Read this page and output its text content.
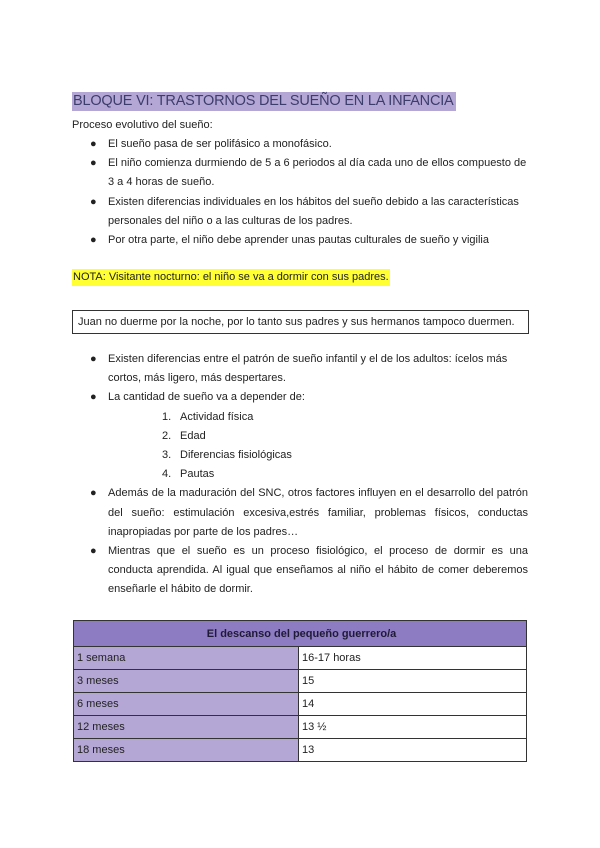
BLOQUE VI: TRASTORNOS DEL SUEÑO EN LA INFANCIA
Proceso evolutivo del sueño:
● El sueño pasa de ser polifásico a monofásico.
● El niño comienza durmiendo de 5 a 6 periodos al día cada uno de ellos compuesto de 3 a 4 horas de sueño.
● Existen diferencias individuales en los hábitos del sueño debido a las características personales del niño o a las culturas de los padres.
● Por otra parte, el niño debe aprender unas pautas culturales de sueño y vigilia
NOTA: Visitante nocturno: el niño se va a dormir con sus padres.
Juan no duerme por la noche, por lo tanto sus padres y sus hermanos tampoco duermen.
● Existen diferencias entre el patrón de sueño infantil y el de los adultos: ícelos más cortos, más ligero, más despertares.
● La cantidad de sueño va a depender de:
1. Actividad física
2. Edad
3. Diferencias fisiológicas
4. Pautas
● Además de la maduración del SNC, otros factores influyen en el desarrollo del patrón del sueño: estimulación excesiva,estrés familiar, problemas físicos, conductas inapropiadas por parte de los padres…
● Mientras que el sueño es un proceso fisiológico, el proceso de dormir es una conducta aprendida. Al igual que enseñamos al niño el hábito de comer deberemos enseñarle el hábito de dormir.
El descanso del pequeño guerrero/a	
1 semana	16-17 horas
3 meses	15
6 meses	14
12 meses	13 ½
18 meses	13
